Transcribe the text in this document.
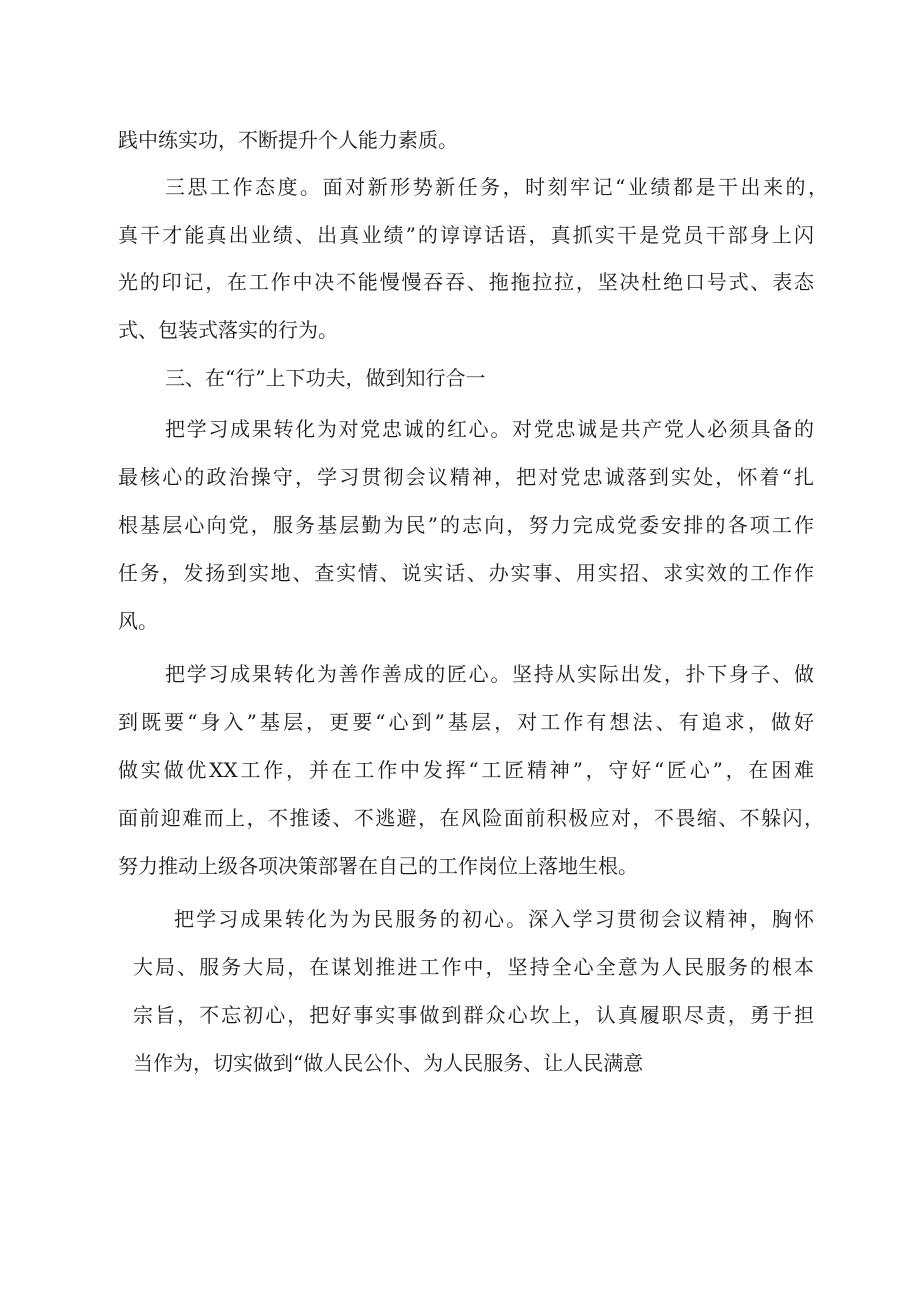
践中练实功，不断提升个人能力素质。

三思工作态度。面对新形势新任务，时刻牢记“业绩都是干出来的，

真干才能真出业绩、出真业绩”的谆谆话语，真抓实干是党员干部身上闪

光的印记，在工作中决不能慢慢吞吞、拖拖拉拉，坚决杜绝口号式、表态

式、包装式落实的行为。

三、在“行”上下功夫，做到知行合一

把学习成果转化为对党忠诚的红心。对党忠诚是共产党人必须具备的

最核心的政治操守，学习贯彻会议精神，把对党忠诚落到实处，怀着“扎

根基层心向党，服务基层勤为民”的志向，努力完成党委安排的各项工作

任务，发扬到实地、查实情、说实话、办实事、用实招、求实效的工作作

风。

把学习成果转化为善作善成的匠心。坚持从实际出发，扑下身子、做

到既要“身入”基层，更要“心到”基层，对工作有想法、有追求，做好

做实做优XX工作，并在工作中发挥“工匠精神”，守好“匠心”，在困难

面前迎难而上，不推诿、不逃避，在风险面前积极应对，不畏缩、不躲闪，

努力推动上级各项决策部署在自己的工作岗位上落地生根。

把学习成果转化为为民服务的初心。深入学习贯彻会议精神，胸怀

大局、服务大局，在谋划推进工作中，坚持全心全意为人民服务的根本

宗旨，不忘初心，把好事实事做到群众心坎上，认真履职尽责，勇于担

当作为，切实做到“做人民公仆、为人民服务、让人民满意
